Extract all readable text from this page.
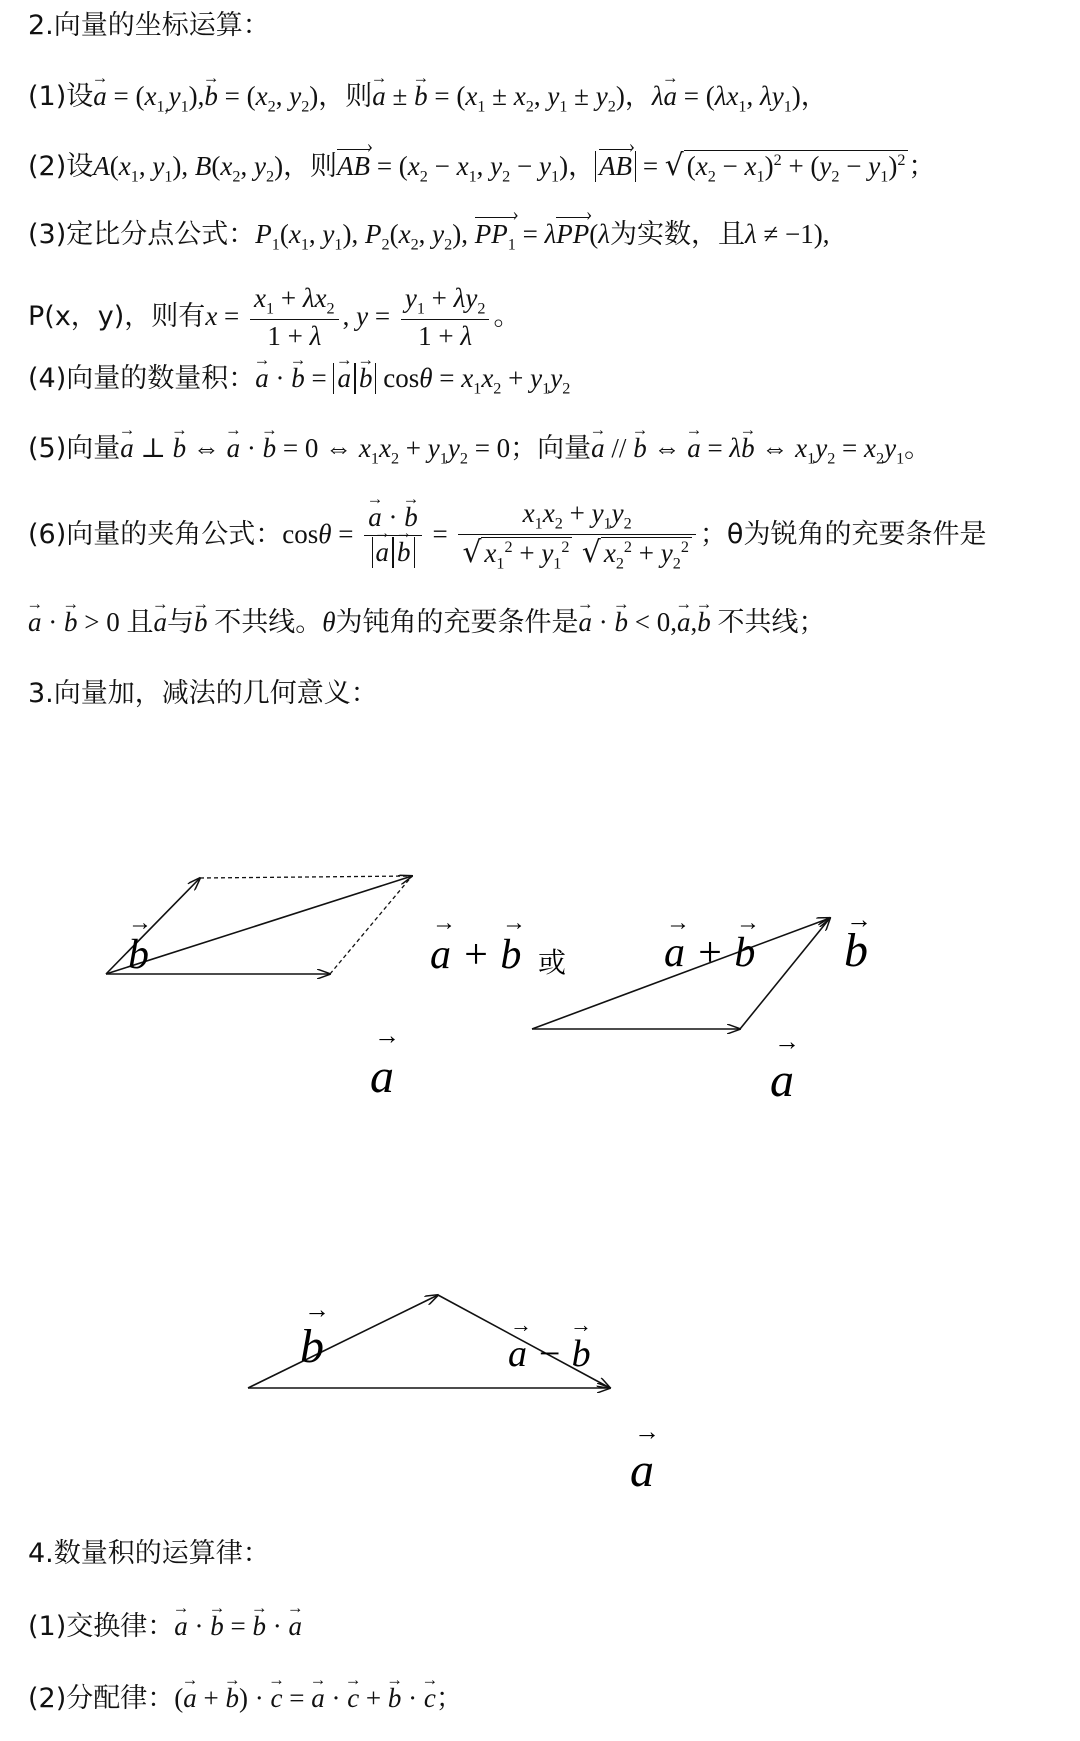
2.向量的坐标运算：
(1)设→ $a = (x_{1,}y_1),\to b = (x_2$, $y_2$)，则→ a ± → $b = (x_1 \pm x_2$, $y_1 \pm y_2$)，$\lambda\to a = (\lambda x_1$, $\lambda y_1$)，
(2)设$A(x_1$, $y_1$), $B(x_2$, $y_2$)，则AB › = ($x_2 - x_1$, $y_2 - y_1$)， AB › = √ $(x_2 - x_1)^2 + (y_2 - y_1)^2$ ；
(3)定比分点公式：$P_1(x_1$, $y_1$), $P_2(x_2$, $y_2$), $PP_1$ › = λPP ›(λ为实数，且λ ≠ −1),
P(x，y)，则有$x = \frac{x_1 + \lambda x_2}{1 + \lambda}$ , $y = \frac{y_1 + \lambda y_2}{1 + \lambda}$ 。
(4)向量的数量积：→ a · → b = → a → b $\cos\theta = x_1x_2 + y_1y_2$
(5)向量→ a ⊥ → b ⇔ → a · → b = 0 ⇔ $x_1x_2 + y_1y_2 = 0$；向量→ a // → b ⇔ → a = λ→ b ⇔ $x_1y_2 = x_2y_1$。
(6)向量的夹角公式：cosθ = → a · → b
→ $a \to b = \frac{x_1x_2 + y_1y_2}{√ x_1^2 + y_1^2 √ x_2^2 + y_2^2}$ ；θ为锐角的充要条件是
→ a · → b > 0 且→ a与→ b 不共线。θ为钝角的充要条件是→ a · → b < 0,→ a,→ b 不共线；
3.向量加，减法的几何意义：
b
→
a + b
→ →
或
a
→
a + b
→ →
b
→
a
→
b
→
a − b
→ →
a
→
4.数量积的运算律：
(1)交换律：→ a · → b = → b · → a
(2)分配律：(→ a + → b) · → c = → a · → c + → b · → c；
